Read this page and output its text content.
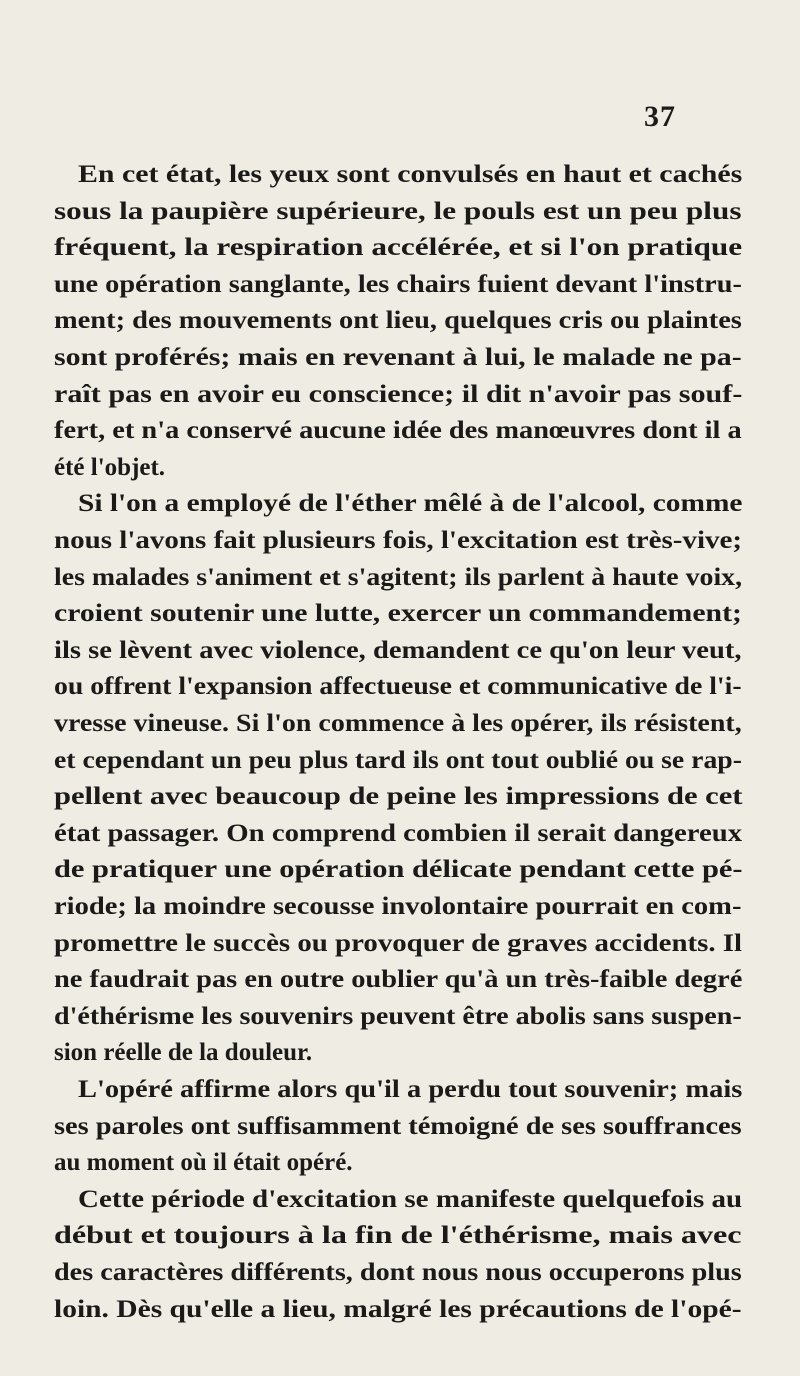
37
En cet état, les yeux sont convulsés en haut et cachés
sous la paupière supérieure, le pouls est un peu plus
fréquent, la respiration accélérée, et si l'on pratique
une opération sanglante, les chairs fuient devant l'instru-
ment; des mouvements ont lieu, quelques cris ou plaintes
sont proférés; mais en revenant à lui, le malade ne pa-
raît pas en avoir eu conscience; il dit n'avoir pas souf-
fert, et n'a conservé aucune idée des manœuvres dont il a
été l'objet.
Si l'on a employé de l'éther mêlé à de l'alcool, comme
nous l'avons fait plusieurs fois, l'excitation est très-vive;
les malades s'animent et s'agitent; ils parlent à haute voix,
croient soutenir une lutte, exercer un commandement;
ils se lèvent avec violence, demandent ce qu'on leur veut,
ou offrent l'expansion affectueuse et communicative de l'i-
vresse vineuse. Si l'on commence à les opérer, ils résistent,
et cependant un peu plus tard ils ont tout oublié ou se rap-
pellent avec beaucoup de peine les impressions de cet
état passager. On comprend combien il serait dangereux
de pratiquer une opération délicate pendant cette pé-
riode; la moindre secousse involontaire pourrait en com-
promettre le succès ou provoquer de graves accidents. Il
ne faudrait pas en outre oublier qu'à un très-faible degré
d'éthérisme les souvenirs peuvent être abolis sans suspen-
sion réelle de la douleur.
L'opéré affirme alors qu'il a perdu tout souvenir; mais
ses paroles ont suffisamment témoigné de ses souffrances
au moment où il était opéré.
Cette période d'excitation se manifeste quelquefois au
début et toujours à la fin de l'éthérisme, mais avec
des caractères différents, dont nous nous occuperons plus
loin. Dès qu'elle a lieu, malgré les précautions de l'opé-
